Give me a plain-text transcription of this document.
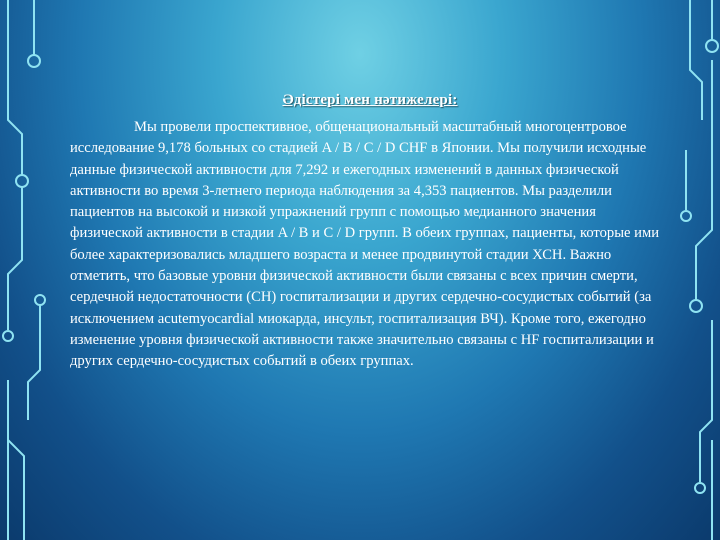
Әдістері мен нәтижелері:

Мы провели проспективное, общенациональный масштабный многоцентровое исследование 9,178 больных со стадией A / B / C / D CHF в Японии. Мы получили исходные данные физической активности для 7,292 и ежегодных изменений в данных физической активности во время 3-летнего периода наблюдения за 4,353 пациентов. Мы разделили пациентов на высокой и низкой упражнений групп с помощью медианного значения физической активности в стадии A / B и C / D групп. В обеих группах, пациенты, которые ими более характеризовались младшего возраста и менее продвинутой стадии ХСН. Важно отметить, что базовые уровни физической активности были связаны с всех причин смерти, сердечной недостаточности (СН) госпитализации и других сердечно-сосудистых событий (за исключением acutemyocardial миокарда, инсульт, госпитализация ВЧ). Кроме того, ежегодно изменение уровня физической активности также значительно связаны с HF госпитализации и других сердечно-сосудистых событий в обеих группах.
